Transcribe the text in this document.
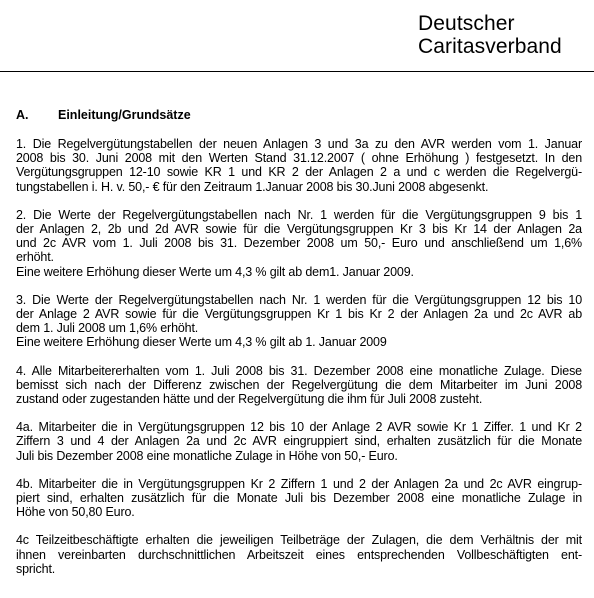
Deutscher
Caritasverband
A. Einleitung/Grundsätze
1. Die Regelvergütungstabellen der neuen Anlagen 3 und 3a zu den AVR werden vom 1. Januar
2008 bis 30. Juni 2008 mit den Werten Stand 31.12.2007 ( ohne Erhöhung ) festgesetzt. In den
Vergütungsgruppen 12-10 sowie KR 1 und KR 2 der Anlagen 2 a und c werden die Regelvergü-
tungstabellen i. H. v. 50,- € für den Zeitraum 1.Januar 2008 bis 30.Juni 2008 abgesenkt.
2. Die Werte der Regelvergütungstabellen nach Nr. 1 werden für die Vergütungsgruppen 9 bis 1
der Anlagen 2, 2b und 2d AVR sowie für die Vergütungsgruppen Kr 3 bis Kr 14 der Anlagen 2a
und 2c AVR vom 1. Juli 2008 bis 31. Dezember 2008 um 50,- Euro und anschließend um 1,6%
erhöht.
Eine weitere Erhöhung dieser Werte um 4,3 % gilt ab dem1. Januar 2009.
3. Die Werte der Regelvergütungstabellen nach Nr. 1 werden für die Vergütungsgruppen 12 bis 10
der Anlage 2 AVR sowie für die Vergütungsgruppen Kr 1 bis Kr 2 der Anlagen 2a und 2c AVR ab
dem 1. Juli 2008 um 1,6% erhöht.
Eine weitere Erhöhung dieser Werte um 4,3 % gilt ab 1. Januar 2009
4. Alle Mitarbeitererhalten vom 1. Juli 2008 bis 31. Dezember 2008 eine monatliche Zulage. Diese
bemisst sich nach der Differenz zwischen der Regelvergütung die dem Mitarbeiter im Juni 2008
zustand oder zugestanden hätte und der Regelvergütung die ihm für Juli 2008 zusteht.
4a. Mitarbeiter die in Vergütungsgruppen 12 bis 10 der Anlage 2 AVR sowie Kr 1 Ziffer. 1 und Kr 2
Ziffern 3 und 4 der Anlagen 2a und 2c AVR eingruppiert sind, erhalten zusätzlich für die Monate
Juli bis Dezember 2008 eine monatliche Zulage in Höhe von 50,- Euro.
4b. Mitarbeiter die in Vergütungsgruppen Kr 2 Ziffern 1 und 2 der Anlagen 2a und 2c AVR eingrup-
piert sind, erhalten zusätzlich für die Monate Juli bis Dezember 2008 eine monatliche Zulage in
Höhe von 50,80 Euro.
4c Teilzeitbeschäftigte erhalten die jeweiligen Teilbeträge der Zulagen, die dem Verhältnis der mit
ihnen vereinbarten durchschnittlichen Arbeitszeit eines entsprechenden Vollbeschäftigten ent-
spricht.
